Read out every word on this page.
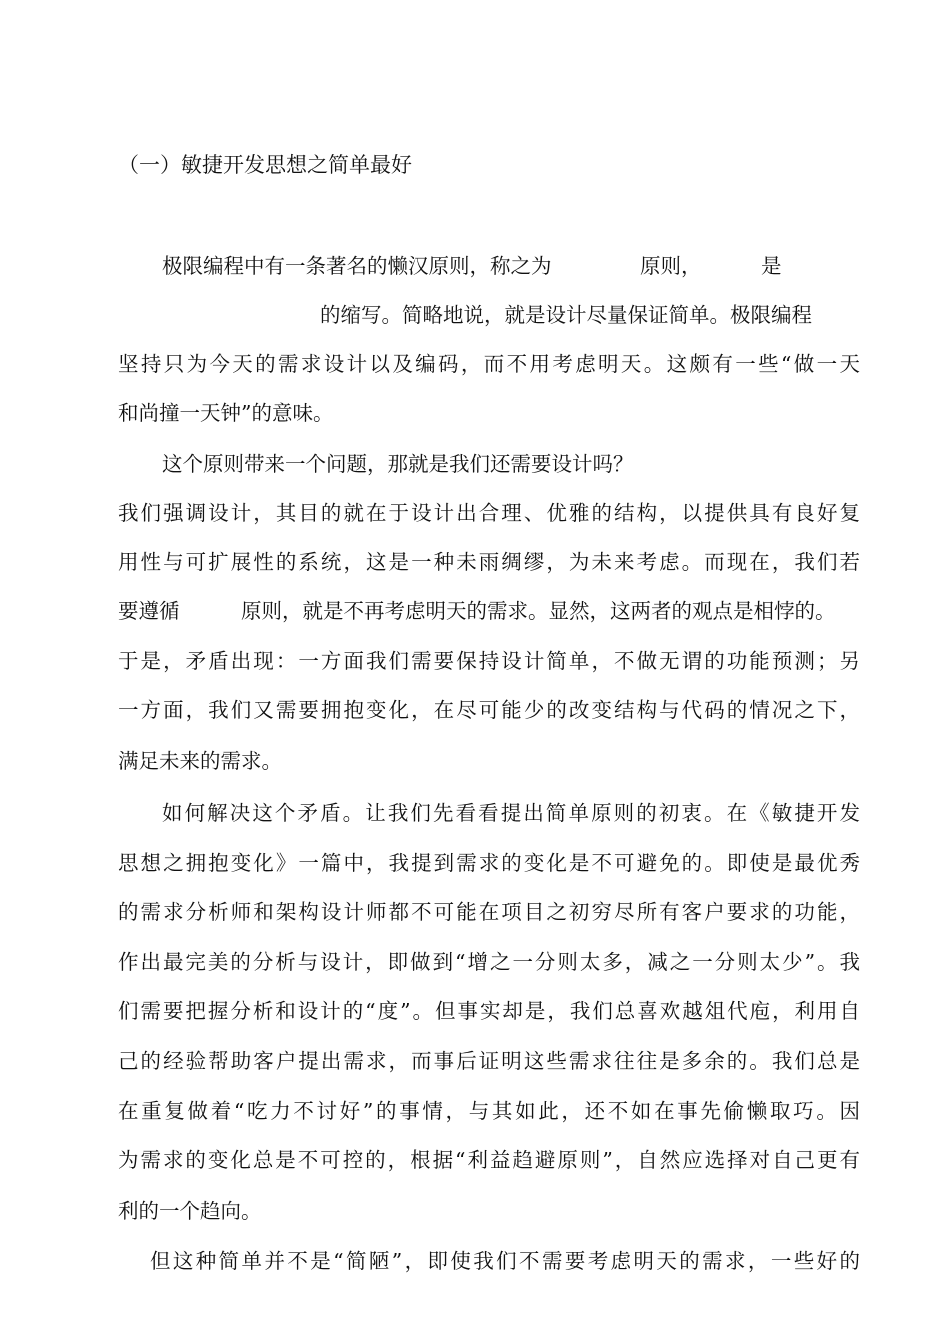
（一）敏捷开发思想之简单最好
极限编程中有一条著名的懒汉原则，称之为	原则，	是
的缩写。简略地说，就是设计尽量保证简单。极限编程
坚持只为今天的需求设计以及编码，而不用考虑明天。这颇有一些“做一天
和尚撞一天钟”的意味。
这个原则带来一个问题，那就是我们还需要设计吗？
我们强调设计，其目的就在于设计出合理、优雅的结构，以提供具有良好复
用性与可扩展性的系统，这是一种未雨绸缪，为未来考虑。而现在，我们若
要遵循	原则，就是不再考虑明天的需求。显然，这两者的观点是相悖的。
于是，矛盾出现：一方面我们需要保持设计简单，不做无谓的功能预测；另
一方面，我们又需要拥抱变化，在尽可能少的改变结构与代码的情况之下，
满足未来的需求。
如何解决这个矛盾。让我们先看看提出简单原则的初衷。在《敏捷开发
思想之拥抱变化》一篇中，我提到需求的变化是不可避免的。即使是最优秀
的需求分析师和架构设计师都不可能在项目之初穷尽所有客户要求的功能，
作出最完美的分析与设计，即做到“增之一分则太多，减之一分则太少”。我
们需要把握分析和设计的“度”。但事实却是，我们总喜欢越俎代庖，利用自
己的经验帮助客户提出需求，而事后证明这些需求往往是多余的。我们总是
在重复做着“吃力不讨好”的事情，与其如此，还不如在事先偷懒取巧。因
为需求的变化总是不可控的，根据“利益趋避原则”，自然应选择对自己更有
利的一个趋向。
但这种简单并不是“简陋”，即使我们不需要考虑明天的需求，一些好的
